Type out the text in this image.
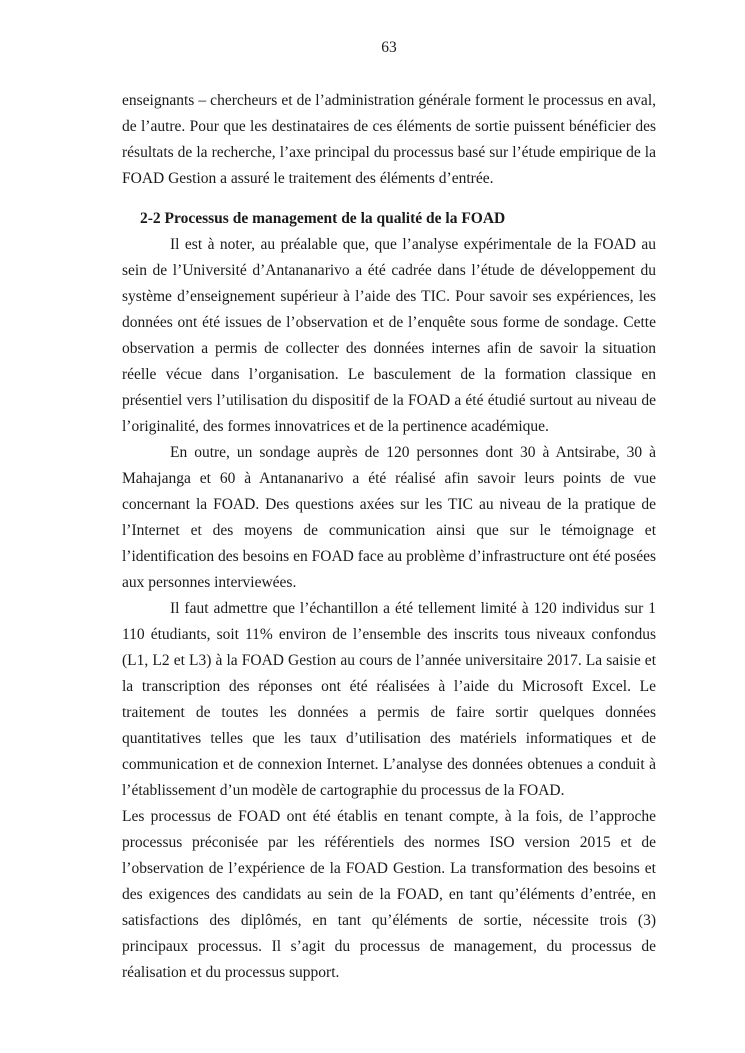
63

enseignants – chercheurs et de l’administration générale forment le processus en aval, de l’autre. Pour que les destinataires de ces éléments de sortie puissent bénéficier des résultats de la recherche, l’axe principal du processus basé sur l’étude empirique de la FOAD Gestion a assuré le traitement des éléments d’entrée.

2-2 Processus de management de la qualité de la FOAD

Il est à noter, au préalable que, que l’analyse expérimentale de la FOAD au sein de l’Université d’Antananarivo a été cadrée dans l’étude de développement du système d’enseignement supérieur à l’aide des TIC. Pour savoir ses expériences, les données ont été issues de l’observation et de l’enquête sous forme de sondage. Cette observation a permis de collecter des données internes afin de savoir la situation réelle vécue dans l’organisation. Le basculement de la formation classique en présentiel vers l’utilisation du dispositif de la FOAD a été étudié surtout au niveau de l’originalité, des formes innovatrices et de la pertinence académique.

En outre, un sondage auprès de 120 personnes dont 30 à Antsirabe, 30 à Mahajanga et 60 à Antananarivo a été réalisé afin savoir leurs points de vue concernant la FOAD. Des questions axées sur les TIC au niveau de la pratique de l’Internet et des moyens de communication ainsi que sur le témoignage et l’identification des besoins en FOAD face au problème d’infrastructure ont été posées aux personnes interviewées.

Il faut admettre que l’échantillon a été tellement limité à 120 individus sur 1 110 étudiants, soit 11% environ de l’ensemble des inscrits tous niveaux confondus (L1, L2 et L3) à la FOAD Gestion au cours de l’année universitaire 2017. La saisie et la transcription des réponses ont été réalisées à l’aide du Microsoft Excel. Le traitement de toutes les données a permis de faire sortir quelques données quantitatives telles que les taux d’utilisation des matériels informatiques et de communication et de connexion Internet. L’analyse des données obtenues a conduit à l’établissement d’un modèle de cartographie du processus de la FOAD.

Les processus de FOAD ont été établis en tenant compte, à la fois, de l’approche processus préconisée par les référentiels des normes ISO version 2015 et de l’observation de l’expérience de la FOAD Gestion. La transformation des besoins et des exigences des candidats au sein de la FOAD, en tant qu’éléments d’entrée, en satisfactions des diplômés, en tant qu’éléments de sortie, nécessite trois (3) principaux processus. Il s’agit du processus de management, du processus de réalisation et du processus support.
